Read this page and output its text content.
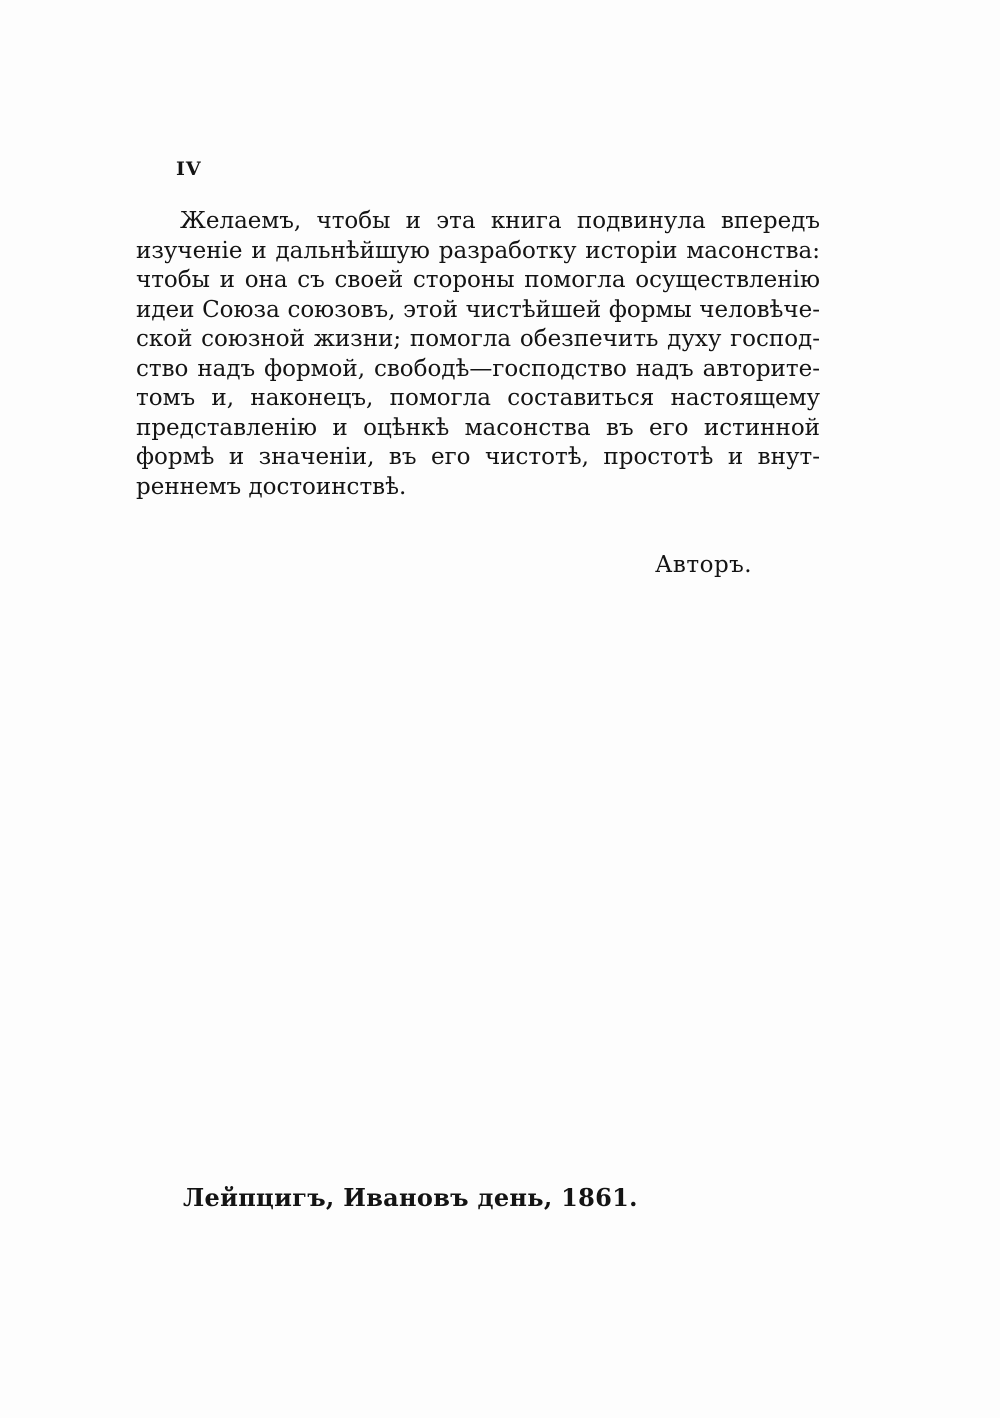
IV
Желаемъ, чтобы и эта книга подвинула впередъ
изученіе и дальнѣйшую разработку исторіи масонства:
чтобы и она съ своей стороны помогла осуществленію
идеи Союза союзовъ, этой чистѣйшей формы человѣче-
ской союзной жизни; помогла обезпечить духу господ-
ство надъ формой, свободѣ—господство надъ авторите-
томъ и, наконецъ, помогла составиться настоящему
представленію и оцѣнкѣ масонства въ его истинной
формѣ и значеніи, въ его чистотѣ, простотѣ и внут-
реннемъ достоинствѣ.
Авторъ.
Лейпцигъ, Ивановъ день, 1861.
